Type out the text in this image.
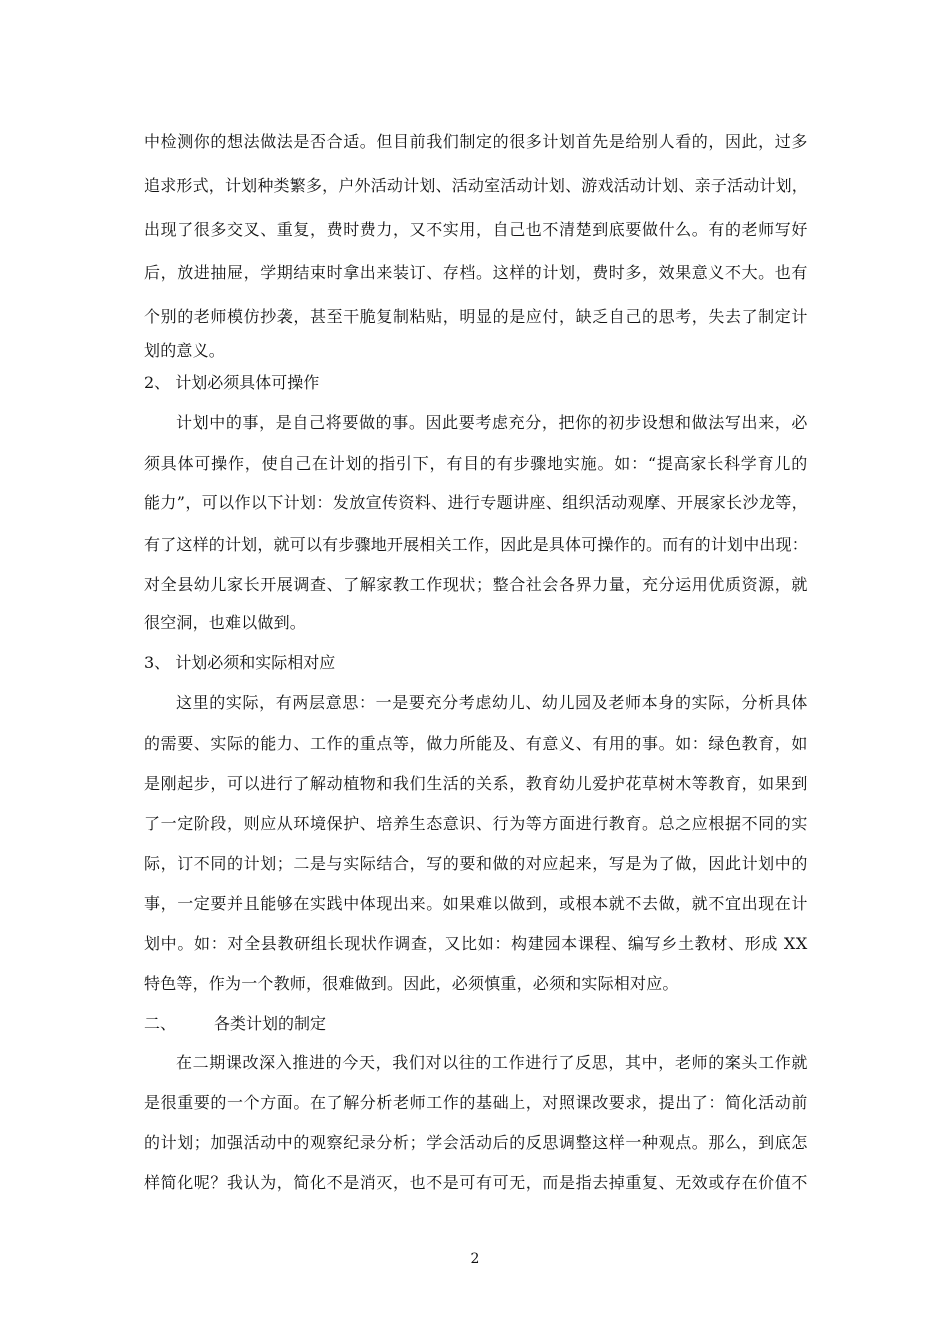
中检测你的想法做法是否合适。但目前我们制定的很多计划首先是给别人看的，因此，过多
追求形式，计划种类繁多，户外活动计划、活动室活动计划、游戏活动计划、亲子活动计划，
出现了很多交叉、重复，费时费力，又不实用，自己也不清楚到底要做什么。有的老师写好
后，放进抽屉，学期结束时拿出来装订、存档。这样的计划，费时多，效果意义不大。也有
个别的老师模仿抄袭，甚至干脆复制粘贴，明显的是应付，缺乏自己的思考，失去了制定计
划的意义。
2、 计划必须具体可操作
计划中的事，是自己将要做的事。因此要考虑充分，把你的初步设想和做法写出来，必
须具体可操作，使自己在计划的指引下，有目的有步骤地实施。如：“提高家长科学育儿的
能力”，可以作以下计划：发放宣传资料、进行专题讲座、组织活动观摩、开展家长沙龙等，
有了这样的计划，就可以有步骤地开展相关工作，因此是具体可操作的。而有的计划中出现：
对全县幼儿家长开展调查、了解家教工作现状；整合社会各界力量，充分运用优质资源，就
很空洞，也难以做到。
3、 计划必须和实际相对应
这里的实际，有两层意思：一是要充分考虑幼儿、幼儿园及老师本身的实际，分析具体
的需要、实际的能力、工作的重点等，做力所能及、有意义、有用的事。如：绿色教育，如
是刚起步，可以进行了解动植物和我们生活的关系，教育幼儿爱护花草树木等教育，如果到
了一定阶段，则应从环境保护、培养生态意识、行为等方面进行教育。总之应根据不同的实
际，订不同的计划；二是与实际结合，写的要和做的对应起来，写是为了做，因此计划中的
事，一定要并且能够在实践中体现出来。如果难以做到，或根本就不去做，就不宜出现在计
划中。如：对全县教研组长现状作调查，又比如：构建园本课程、编写乡土教材、形成 XX
特色等，作为一个教师，很难做到。因此，必须慎重，必须和实际相对应。
二、 各类计划的制定
在二期课改深入推进的今天，我们对以往的工作进行了反思，其中，老师的案头工作就
是很重要的一个方面。在了解分析老师工作的基础上，对照课改要求，提出了：简化活动前
的计划；加强活动中的观察纪录分析；学会活动后的反思调整这样一种观点。那么，到底怎
样简化呢？我认为，简化不是消灭，也不是可有可无，而是指去掉重复、无效或存在价值不
2
